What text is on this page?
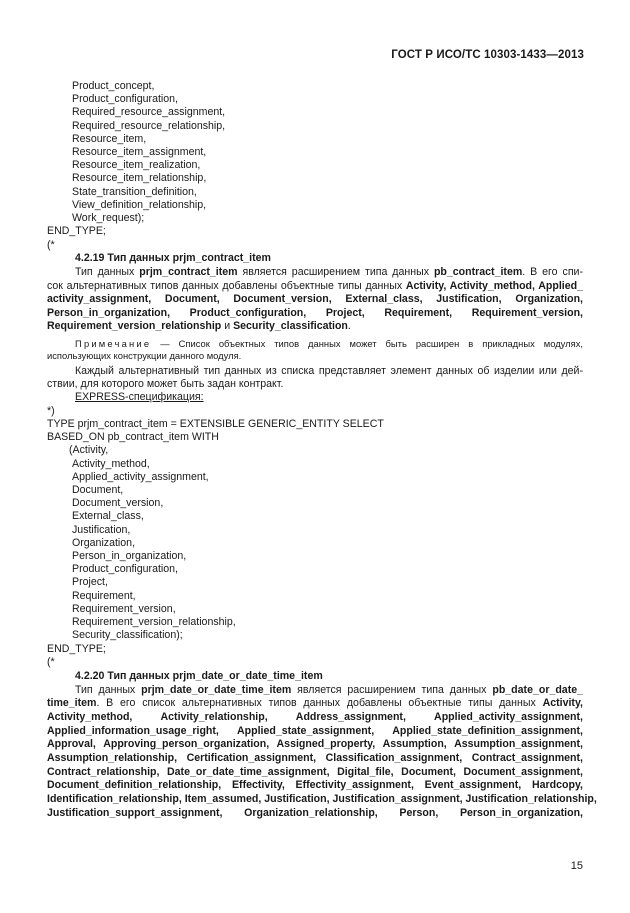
ГОСТ Р ИСО/ТС 10303-1433—2013
Product_concept,
Product_configuration,
Required_resource_assignment,
Required_resource_relationship,
Resource_item,
Resource_item_assignment,
Resource_item_realization,
Resource_item_relationship,
State_transition_definition,
View_definition_relationship,
Work_request);
END_TYPE;
(*
4.2.19 Тип данных prjm_contract_item
Тип данных prjm_contract_item является расширением типа данных pb_contract_item. В его спи-
сок альтернативных типов данных добавлены объектные типы данных Activity, Activity_method, Applied_
activity_assignment, Document, Document_version, External_class, Justification, Organization,
Person_in_organization, Product_configuration, Project, Requirement, Requirement_version,
Requirement_version_relationship и Security_classification.
Примечание — Список объектных типов данных может быть расширен в прикладных модулях,
использующих конструкции данного модуля.
Каждый альтернативный тип данных из списка представляет элемент данных об изделии или дей-
ствии, для которого может быть задан контракт.
EXPRESS-спецификация:
*)
TYPE prjm_contract_item = EXTENSIBLE GENERIC_ENTITY SELECT
BASED_ON pb_contract_item WITH
(Activity,
Activity_method,
Applied_activity_assignment,
Document,
Document_version,
External_class,
Justification,
Organization,
Person_in_organization,
Product_configuration,
Project,
Requirement,
Requirement_version,
Requirement_version_relationship,
Security_classification);
END_TYPE;
(*
4.2.20 Тип данных prjm_date_or_date_time_item
Тип данных prjm_date_or_date_time_item является расширением типа данных pb_date_or_date_
time_item. В его список альтернативных типов данных добавлены объектные типы данных Activity,
Activity_method, Activity_relationship, Address_assignment, Applied_activity_assignment,
Applied_information_usage_right, Applied_state_assignment, Applied_state_definition_assignment,
Approval, Approving_person_organization, Assigned_property, Assumption, Assumption_assignment,
Assumption_relationship, Certification_assignment, Classification_assignment, Contract_assignment,
Contract_relationship, Date_or_date_time_assignment, Digital_file, Document, Document_assignment,
Document_definition_relationship, Effectivity, Effectivity_assignment, Event_assignment, Hardcopy,
Identification_relationship, Item_assumed, Justification, Justification_assignment, Justification_relationship,
Justification_support_assignment, Organization_relationship, Person, Person_in_organization,
15
